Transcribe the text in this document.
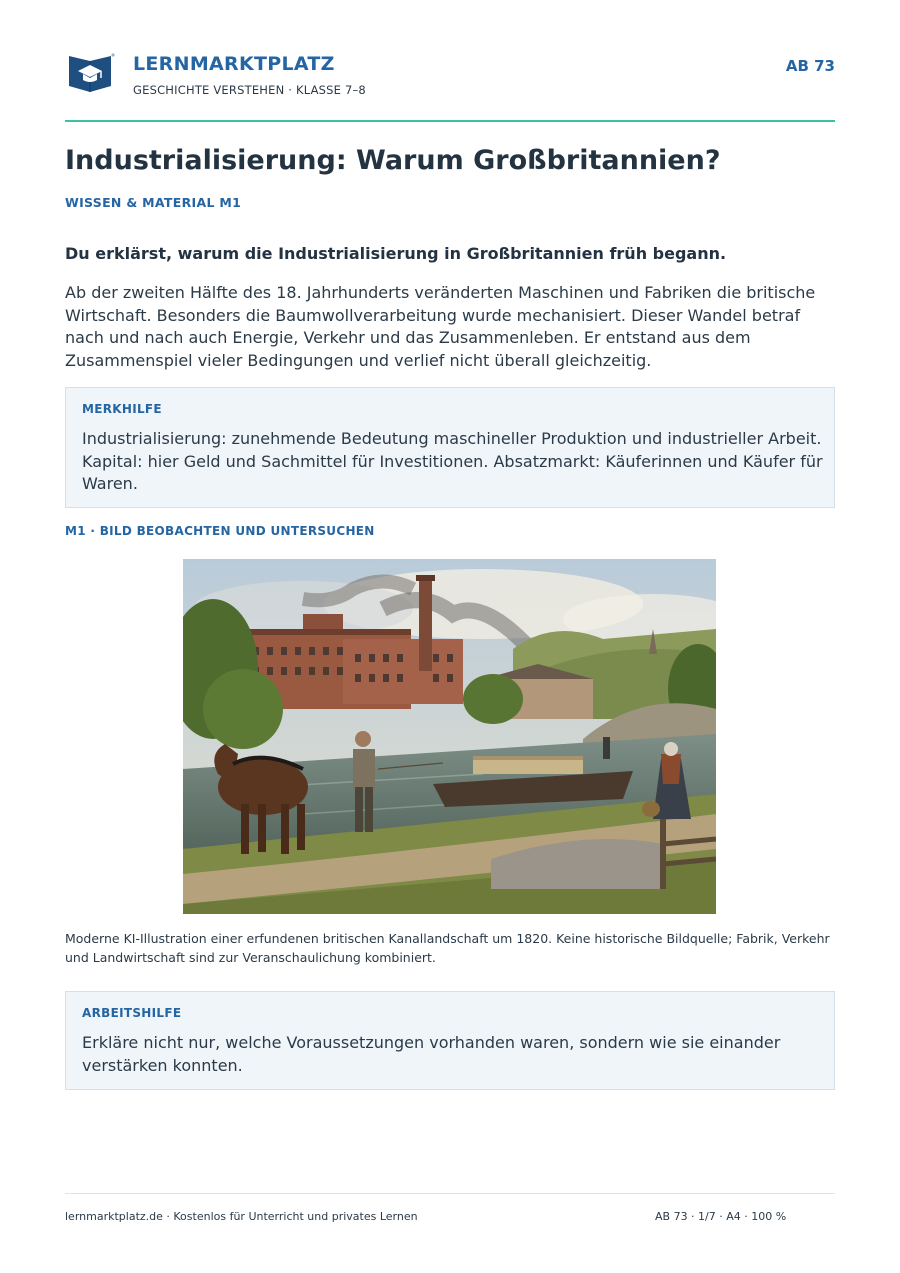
LERNMARKTPLATZ
GESCHICHTE VERSTEHEN · KLASSE 7–8
AB 73
Industrialisierung: Warum Großbritannien?
WISSEN & MATERIAL M1
Du erklärst, warum die Industrialisierung in Großbritannien früh begann.

Ab der zweiten Hälfte des 18. Jahrhunderts veränderten Maschinen und Fabriken die britische Wirtschaft. Besonders die Baumwollverarbeitung wurde mechanisiert. Dieser Wandel betraf nach und nach auch Energie, Verkehr und das Zusammenleben. Er entstand aus dem Zusammenspiel vieler Bedingungen und verlief nicht überall gleichzeitig.

MERKHILFE

Industrialisierung: zunehmende Bedeutung maschineller Produktion und industrieller Arbeit. Kapital: hier Geld und Sachmittel für Investitionen. Absatzmarkt: Käuferinnen und Käufer für Waren.

M1 · BILD BEOBACHTEN UND UNTERSUCHEN

Moderne KI-Illustration einer erfundenen britischen Kanallandschaft um 1820. Keine historische Bildquelle; Fabrik, Verkehr und Landwirtschaft sind zur Veranschaulichung kombiniert.

ARBEITSHILFE

Erkläre nicht nur, welche Voraussetzungen vorhanden waren, sondern wie sie einander verstärken konnten.

lernmarktplatz.de · Kostenlos für Unterricht und privates Lernen	AB 73 · 1/7 · A4 · 100 %
